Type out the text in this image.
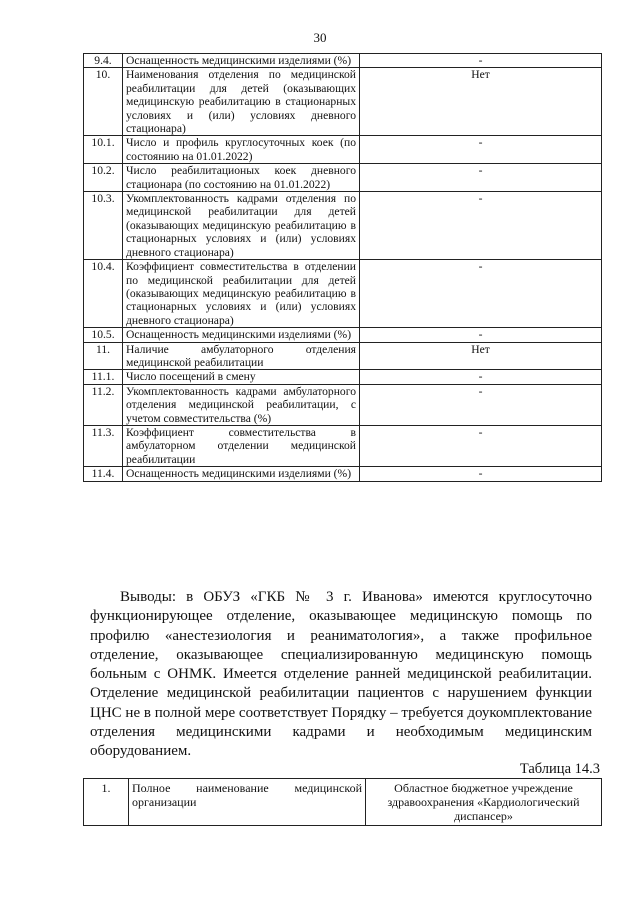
30
9.4.	Оснащенность медицинскими изделиями (%)	-
10.	Наименования отделения по медицинской реабилитации для детей (оказывающих медицинскую реабилитацию в стационарных условиях и (или) условиях дневного стационара)	Нет
10.1.	Число и профиль круглосуточных коек (по состоянию на 01.01.2022)	-
10.2.	Число реабилитационых коек дневного стационара (по состоянию на 01.01.2022)	-
10.3.	Укомплектованность кадрами отделения по медицинской реабилитации для детей (оказывающих медицинскую реабилитацию в стационарных условиях и (или) условиях дневного стационара)	-
10.4.	Коэффициент совместительства в отделении по медицинской реабилитации для детей (оказывающих медицинскую реабилитацию в стационарных условиях и (или) условиях дневного стационара)	-
10.5.	Оснащенность медицинскими изделиями (%)	-
11.	Наличие амбулаторного отделения медицинской реабилитации	Нет
11.1.	Число посещений в смену	-
11.2.	Укомплектованность кадрами амбулаторного отделения медицинской реабилитации, с учетом совместительства (%)	-
11.3.	Коэффициент совместительства в амбулаторном отделении медицинской реабилитации	-
11.4.	Оснащенность медицинскими изделиями (%)	-

Выводы: в ОБУЗ «ГКБ № 3 г. Иванова» имеются круглосуточно функционирующее отделение, оказывающее медицинскую помощь по профилю «анестезиология и реаниматология», а также профильное отделение, оказывающее специализированную медицинскую помощь больным с ОНМК. Имеется отделение ранней медицинской реабилитации. Отделение медицинской реабилитации пациентов с нарушением функции ЦНС не в полной мере соответствует Порядку – требуется доукомплектование отделения медицинскими кадрами и необходимым медицинским оборудованием.

Таблица 14.3
1.	Полное наименование медицинской организации	Областное бюджетное учреждение здравоохранения «Кардиологический диспансер»
